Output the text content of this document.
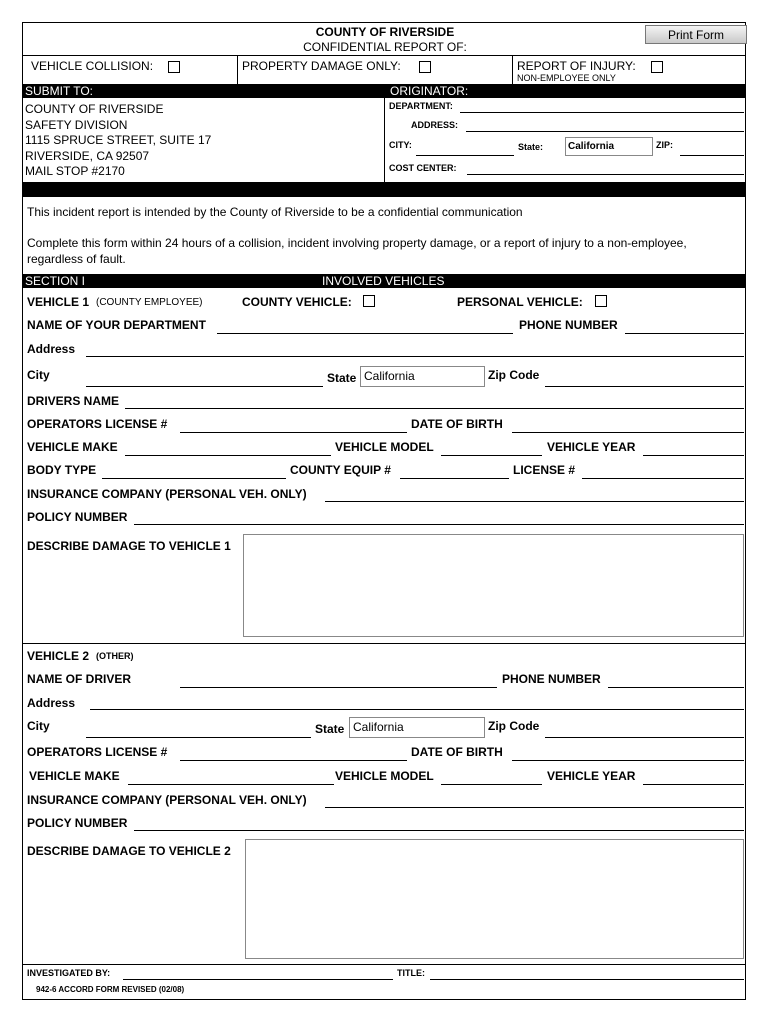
COUNTY OF RIVERSIDE
CONFIDENTIAL REPORT OF:
Print Form
VEHICLE COLLISION:	PROPERTY DAMAGE ONLY:	REPORT OF INJURY:
NON-EMPLOYEE ONLY
SUBMIT TO:	ORIGINATOR:
COUNTY OF RIVERSIDE
SAFETY DIVISION
1115 SPRUCE STREET, SUITE 17
RIVERSIDE, CA 92507
MAIL STOP #2170
DEPARTMENT:
ADDRESS:
CITY:	State:	California	ZIP:
COST CENTER:
This incident report is intended by the County of Riverside to be a confidential communication
Complete this form within 24 hours of a collision, incident involving property damage, or a report of injury to a non-employee,
regardless of fault.
SECTION I	INVOLVED VEHICLES
VEHICLE 1 (COUNTY EMPLOYEE)	COUNTY VEHICLE:	PERSONAL VEHICLE:
NAME OF YOUR DEPARTMENT	PHONE NUMBER
Address
City	State California	Zip Code
DRIVERS NAME
OPERATORS LICENSE #	DATE OF BIRTH
VEHICLE MAKE	VEHICLE MODEL	VEHICLE YEAR
BODY TYPE	COUNTY EQUIP #	LICENSE #
INSURANCE COMPANY (PERSONAL VEH. ONLY)
POLICY NUMBER
DESCRIBE DAMAGE TO VEHICLE 1
VEHICLE 2 (OTHER)
NAME OF DRIVER	PHONE NUMBER
Address
City	State California	Zip Code
OPERATORS LICENSE #	DATE OF BIRTH
VEHICLE MAKE	VEHICLE MODEL	VEHICLE YEAR
INSURANCE COMPANY (PERSONAL VEH. ONLY)
POLICY NUMBER
DESCRIBE DAMAGE TO VEHICLE 2
INVESTIGATED BY:	TITLE:
942-6 ACCORD FORM REVISED (02/08)
